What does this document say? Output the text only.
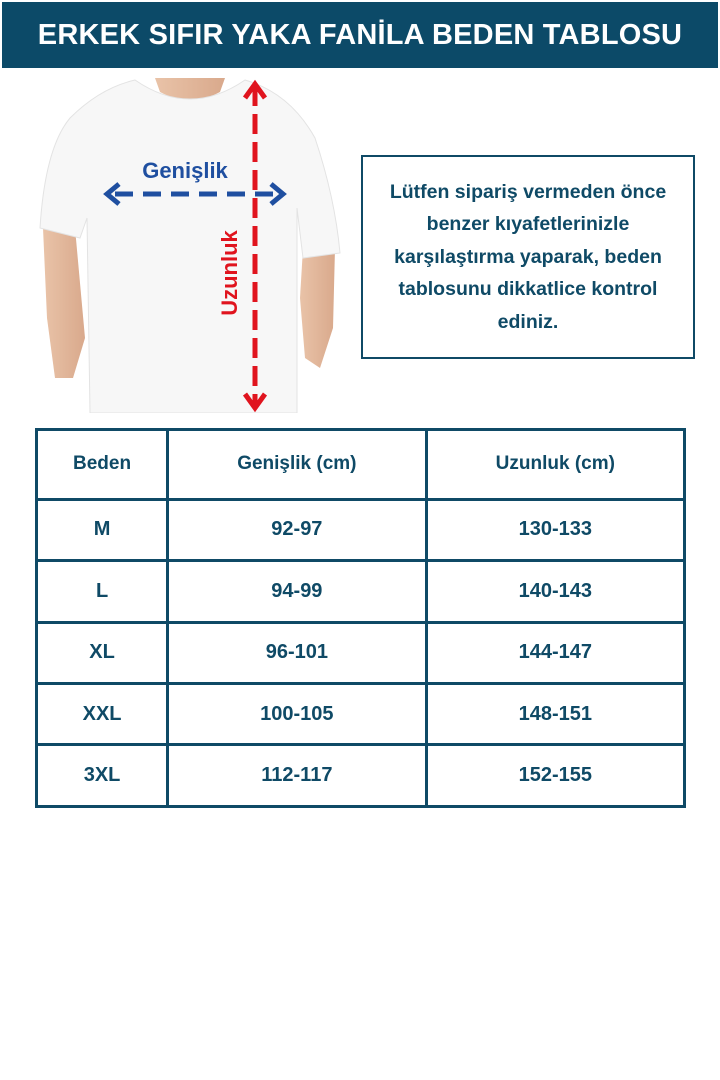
ERKEK SIFIR YAKA FANİLA BEDEN TABLOSU
Genişlik
Uzunluk
Lütfen sipariş vermeden önce benzer kıyafetlerinizle karşılaştırma yaparak, beden tablosunu dikkatlice kontrol ediniz.
Beden	Genişlik (cm)	Uzunluk (cm)
M	92-97	130-133
L	94-99	140-143
XL	96-101	144-147
XXL	100-105	148-151
3XL	112-117	152-155
